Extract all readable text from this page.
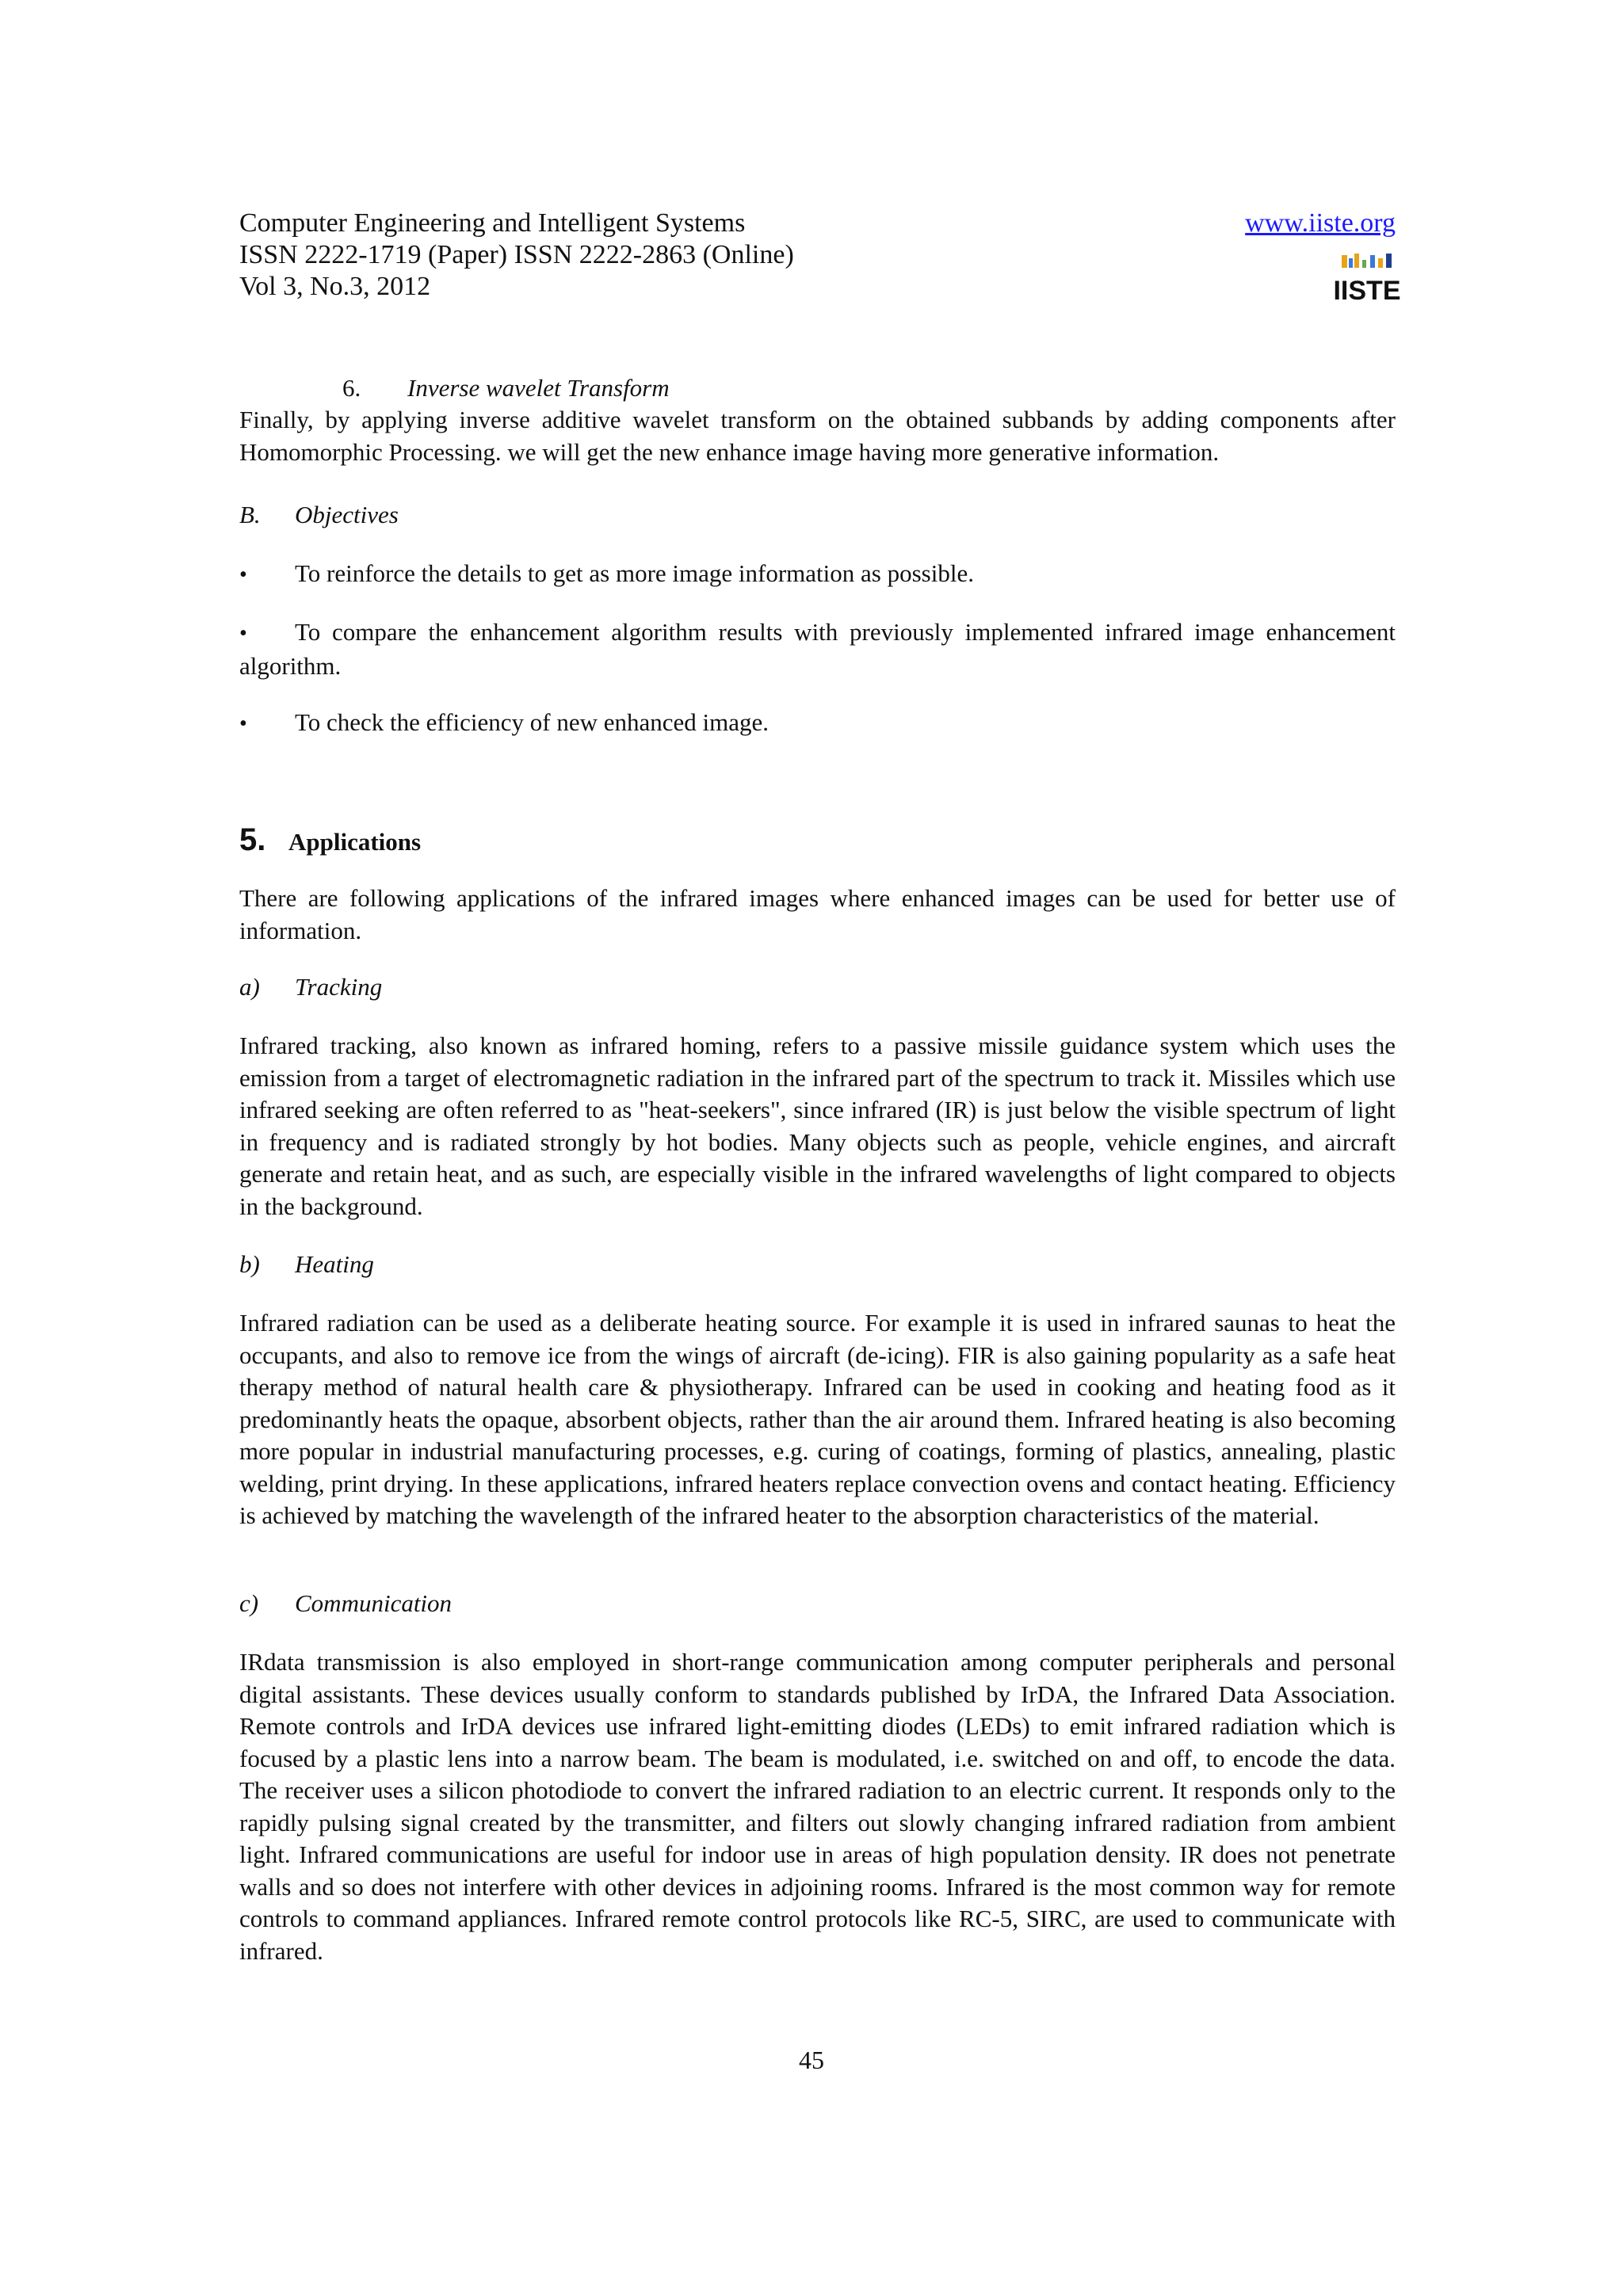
Computer Engineering and Intelligent Systems
ISSN 2222-1719 (Paper) ISSN 2222-2863 (Online)
Vol 3, No.3, 2012
www.iiste.org
IISTE
6. Inverse wavelet Transform

Finally, by applying inverse additive wavelet transform on the obtained subbands by adding components after Homomorphic Processing. we will get the new enhance image having more generative information.

B. Objectives

• To reinforce the details to get as more image information as possible.

• To compare the enhancement algorithm results with previously implemented infrared image enhancement algorithm.

• To check the efficiency of new enhanced image.

5. Applications

There are following applications of the infrared images where enhanced images can be used for better use of information.

a) Tracking

Infrared tracking, also known as infrared homing, refers to a passive missile guidance system which uses the emission from a target of electromagnetic radiation in the infrared part of the spectrum to track it. Missiles which use infrared seeking are often referred to as "heat-seekers", since infrared (IR) is just below the visible spectrum of light in frequency and is radiated strongly by hot bodies. Many objects such as people, vehicle engines, and aircraft generate and retain heat, and as such, are especially visible in the infrared wavelengths of light compared to objects in the background.

b) Heating

Infrared radiation can be used as a deliberate heating source. For example it is used in infrared saunas to heat the occupants, and also to remove ice from the wings of aircraft (de-icing). FIR is also gaining popularity as a safe heat therapy method of natural health care & physiotherapy. Infrared can be used in cooking and heating food as it predominantly heats the opaque, absorbent objects, rather than the air around them. Infrared heating is also becoming more popular in industrial manufacturing processes, e.g. curing of coatings, forming of plastics, annealing, plastic welding, print drying. In these applications, infrared heaters replace convection ovens and contact heating. Efficiency is achieved by matching the wavelength of the infrared heater to the absorption characteristics of the material.

c) Communication

IRdata transmission is also employed in short-range communication among computer peripherals and personal digital assistants. These devices usually conform to standards published by IrDA, the Infrared Data Association. Remote controls and IrDA devices use infrared light-emitting diodes (LEDs) to emit infrared radiation which is focused by a plastic lens into a narrow beam. The beam is modulated, i.e. switched on and off, to encode the data. The receiver uses a silicon photodiode to convert the infrared radiation to an electric current. It responds only to the rapidly pulsing signal created by the transmitter, and filters out slowly changing infrared radiation from ambient light. Infrared communications are useful for indoor use in areas of high population density. IR does not penetrate walls and so does not interfere with other devices in adjoining rooms. Infrared is the most common way for remote controls to command appliances. Infrared remote control protocols like RC-5, SIRC, are used to communicate with infrared.

45
